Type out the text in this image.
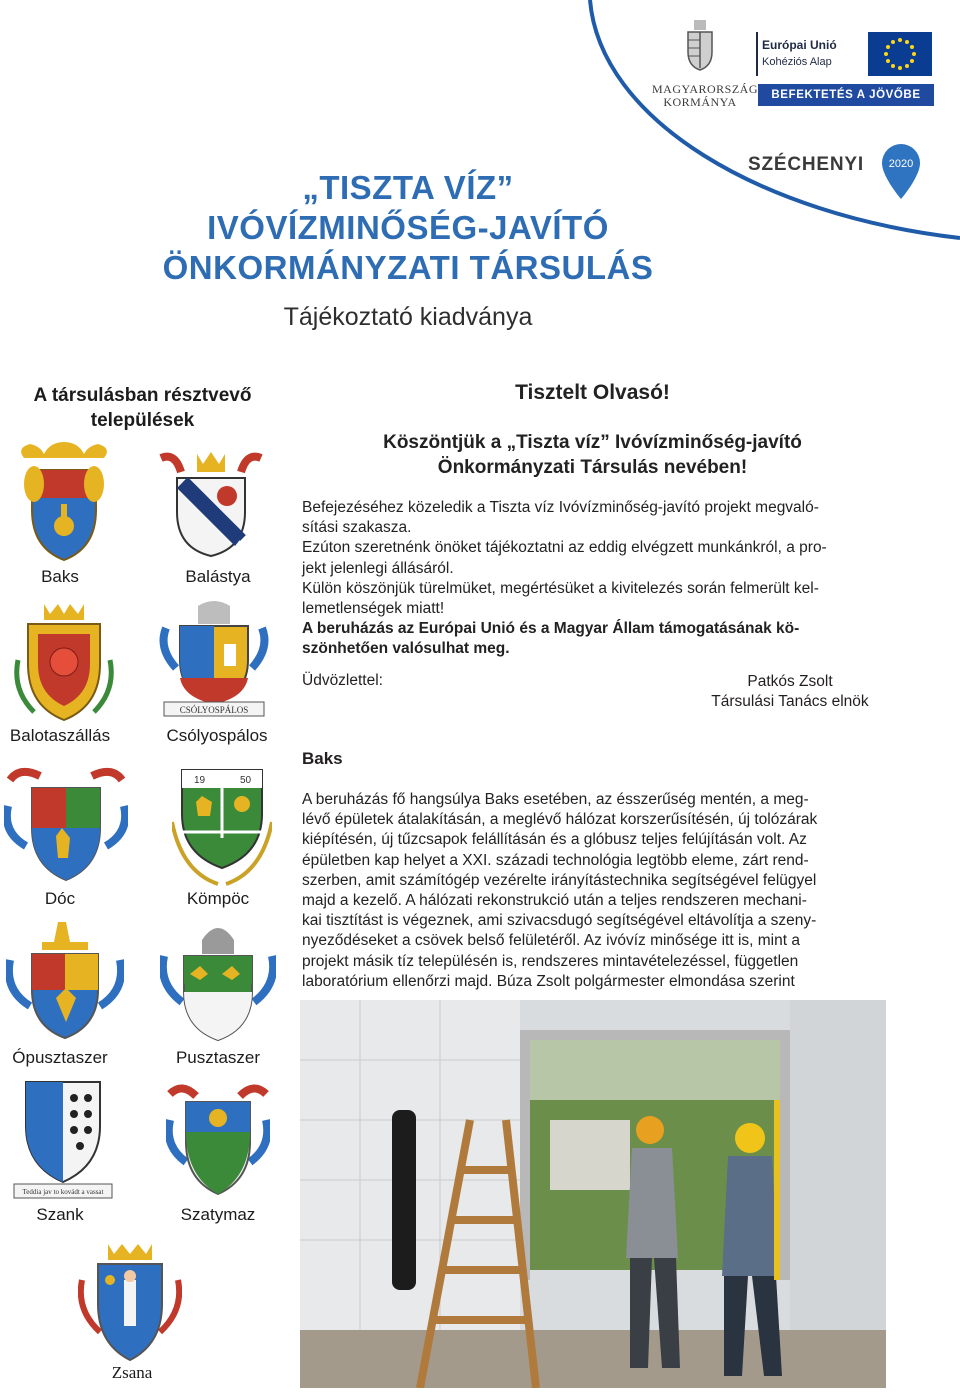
MAGYARORSZÁG
KORMÁNYA
Európai Unió
Kohéziós Alap
BEFEKTETÉS A JÖVŐBE
SZÉCHENYI 2020
„TISZTA VÍZ”
IVÓVÍZMINŐSÉG-JAVÍTÓ
ÖNKORMÁNYZATI TÁRSULÁS
Tájékoztató kiadványa
A társulásban résztvevő
települések
Baks	Balástya
Balotaszállás
CSÓLYOSPÁLOS
Csólyospálos
Dóc
19	50
Kömpöc
Ópusztaszer	Pusztaszer
Teddia jav to kovádt a vassat
Szank	Szatymaz
Zsana
Tisztelt Olvasó!
Köszöntjük a „Tiszta víz” Ivóvízminőség-javító
Önkormányzati Társulás nevében!

Befejezéséhez közeledik a Tiszta víz Ivóvízminőség-javító projekt megvaló-

sítási szakasza.

Ezúton szeretnénk önöket tájékoztatni az eddig elvégzett munkánkról, a pro-

jekt jelenlegi állásáról.

Külön köszönjük türelmüket, megértésüket a kivitelezés során felmerült kel-

lemetlenségek miatt!

A beruházás az Európai Unió és a Magyar Állam támogatásának kö-

szönhetően valósulhat meg.

Üdvözlettel:	Patkós Zsolt
Társulási Tanács elnök
Baks
A beruházás fő hangsúlya Baks esetében, az ésszerűség mentén, a meg-
lévő épületek átalakításán, a meglévő hálózat korszerűsítésén, új tolózárak
kiépítésén, új tűzcsapok felállításán és a glóbusz teljes felújításán volt. Az
épületben kap helyet a XXI. századi technológia legtöbb eleme, zárt rend-
szerben, amit számítógép vezérelte irányítástechnika segítségével felügyel
majd a kezelő. A hálózati rekonstrukció után a teljes rendszeren mechani-
kai tisztítást is végeznek, ami szivacsdugó segítségével eltávolítja a szeny-
nyeződéseket a csövek belső felületéről. Az ivóvíz minősége itt is, mint a
projekt másik tíz településén is, rendszeres mintavételezéssel, független
laboratórium ellenőrzi majd. Búza Zsolt polgármester elmondása szerint
